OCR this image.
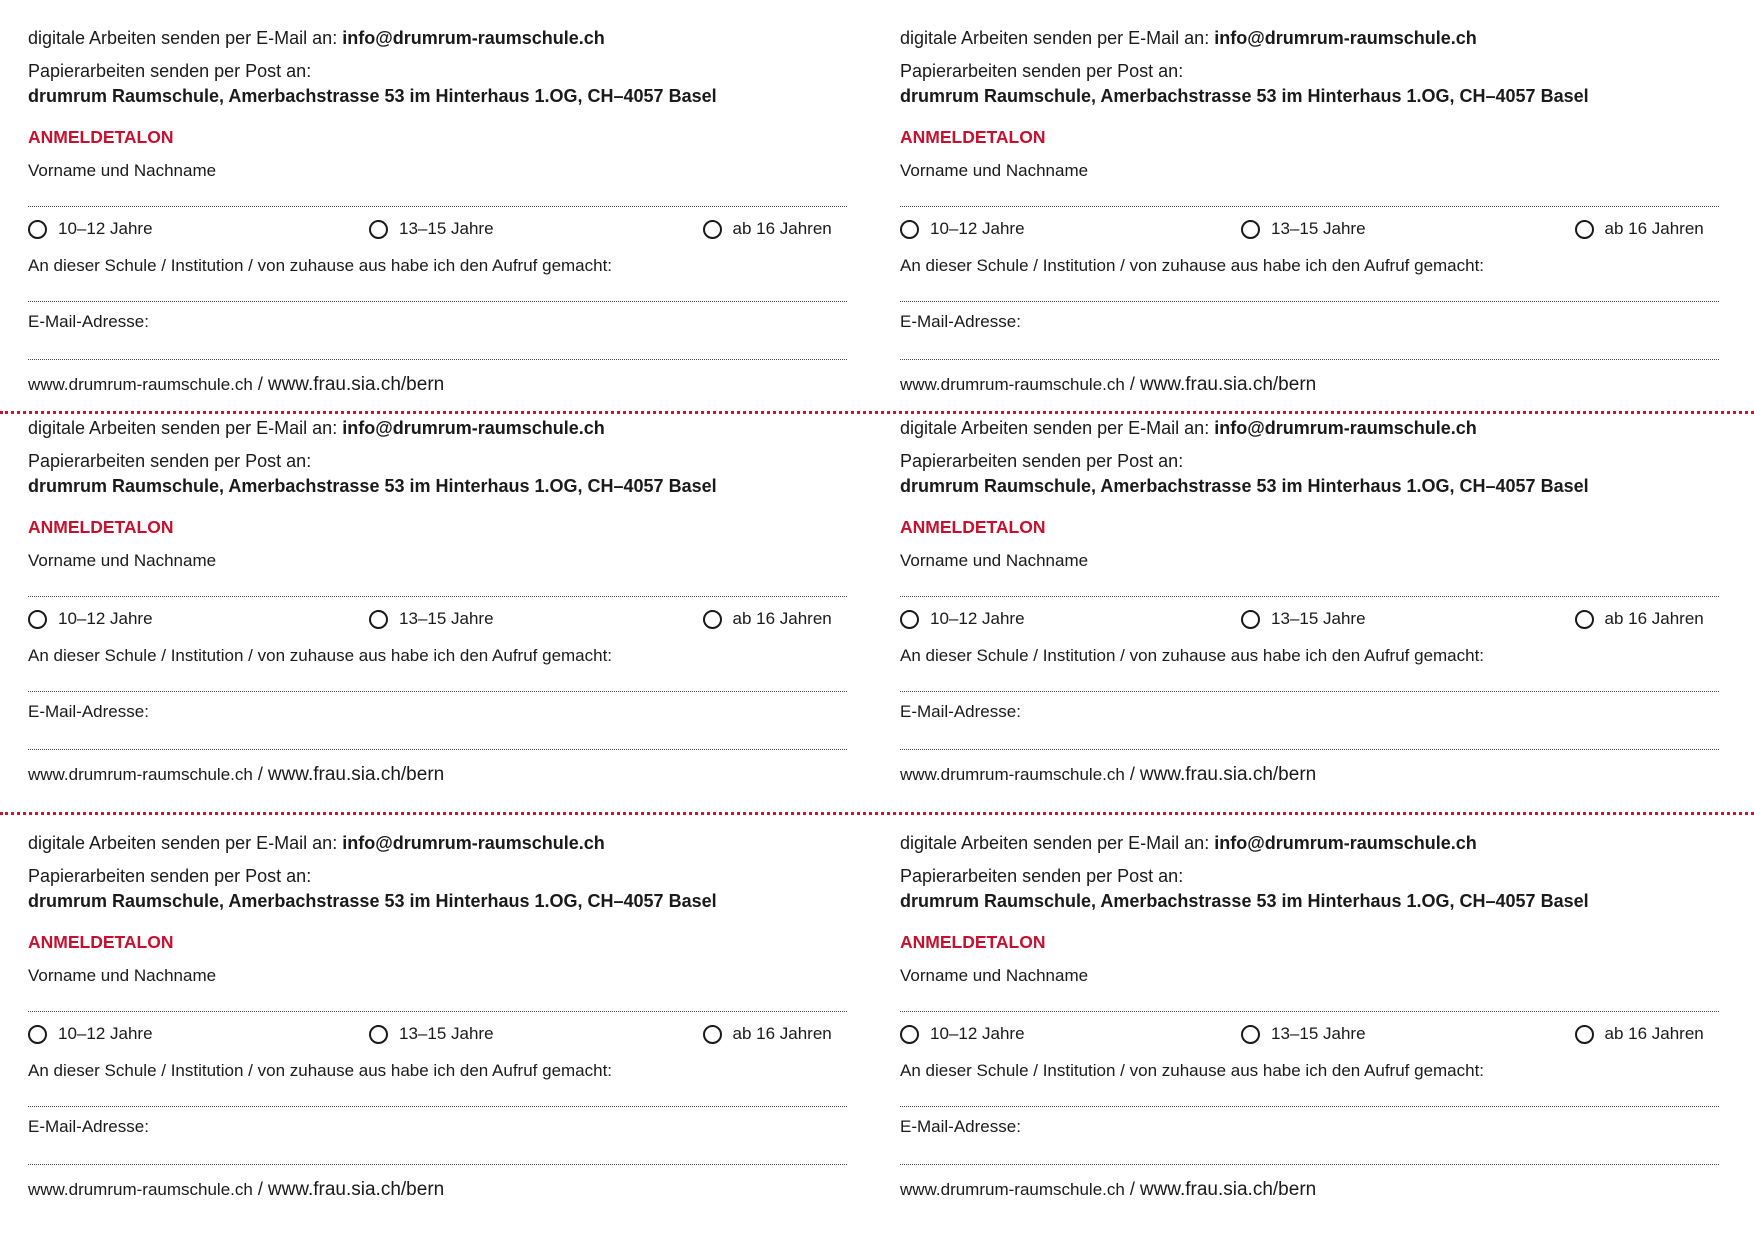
digitale Arbeiten senden per E-Mail an: info@drumrum-raumschule.ch
Papierarbeiten senden per Post an:
drumrum Raumschule, Amerbachstrasse 53 im Hinterhaus 1.OG, CH–4057 Basel
ANMELDETALON
Vorname und Nachname
10–12 Jahre	13–15 Jahre	ab 16 Jahren
An dieser Schule / Institution / von zuhause aus habe ich den Aufruf gemacht:
E-Mail-Adresse:
www.drumrum-raumschule.ch / www.frau.sia.ch/bern
digitale Arbeiten senden per E-Mail an: info@drumrum-raumschule.ch
Papierarbeiten senden per Post an:
drumrum Raumschule, Amerbachstrasse 53 im Hinterhaus 1.OG, CH–4057 Basel
ANMELDETALON
Vorname und Nachname
10–12 Jahre	13–15 Jahre	ab 16 Jahren
An dieser Schule / Institution / von zuhause aus habe ich den Aufruf gemacht:
E-Mail-Adresse:
www.drumrum-raumschule.ch / www.frau.sia.ch/bern
digitale Arbeiten senden per E-Mail an: info@drumrum-raumschule.ch
Papierarbeiten senden per Post an:
drumrum Raumschule, Amerbachstrasse 53 im Hinterhaus 1.OG, CH–4057 Basel
ANMELDETALON
Vorname und Nachname
10–12 Jahre	13–15 Jahre	ab 16 Jahren
An dieser Schule / Institution / von zuhause aus habe ich den Aufruf gemacht:
E-Mail-Adresse:
www.drumrum-raumschule.ch / www.frau.sia.ch/bern
digitale Arbeiten senden per E-Mail an: info@drumrum-raumschule.ch
Papierarbeiten senden per Post an:
drumrum Raumschule, Amerbachstrasse 53 im Hinterhaus 1.OG, CH–4057 Basel
ANMELDETALON
Vorname und Nachname
10–12 Jahre	13–15 Jahre	ab 16 Jahren
An dieser Schule / Institution / von zuhause aus habe ich den Aufruf gemacht:
E-Mail-Adresse:
www.drumrum-raumschule.ch / www.frau.sia.ch/bern
digitale Arbeiten senden per E-Mail an: info@drumrum-raumschule.ch
Papierarbeiten senden per Post an:
drumrum Raumschule, Amerbachstrasse 53 im Hinterhaus 1.OG, CH–4057 Basel
ANMELDETALON
Vorname und Nachname
10–12 Jahre	13–15 Jahre	ab 16 Jahren
An dieser Schule / Institution / von zuhause aus habe ich den Aufruf gemacht:
E-Mail-Adresse:
www.drumrum-raumschule.ch / www.frau.sia.ch/bern
digitale Arbeiten senden per E-Mail an: info@drumrum-raumschule.ch
Papierarbeiten senden per Post an:
drumrum Raumschule, Amerbachstrasse 53 im Hinterhaus 1.OG, CH–4057 Basel
ANMELDETALON
Vorname und Nachname
10–12 Jahre	13–15 Jahre	ab 16 Jahren
An dieser Schule / Institution / von zuhause aus habe ich den Aufruf gemacht:
E-Mail-Adresse:
www.drumrum-raumschule.ch / www.frau.sia.ch/bern
